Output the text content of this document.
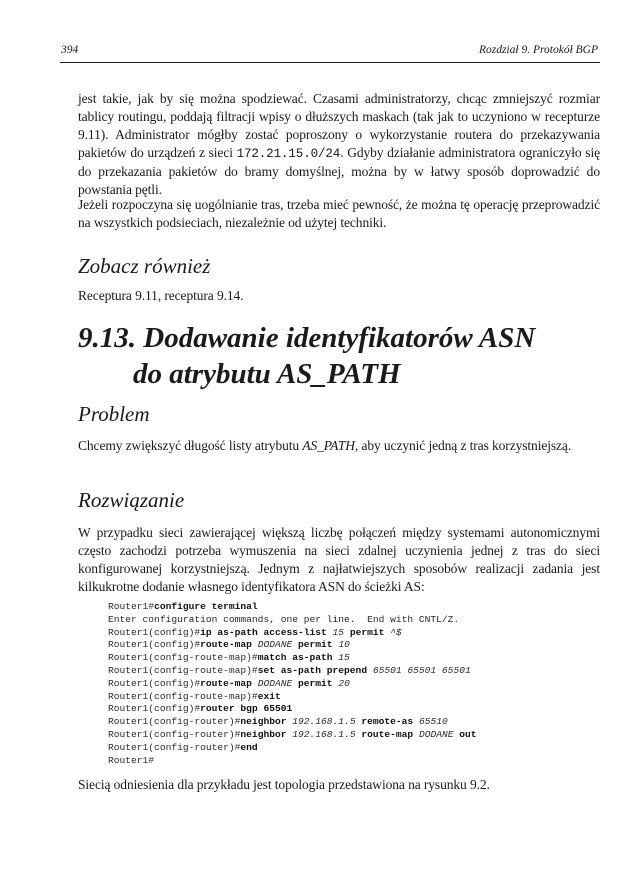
394	Rozdział 9. Protokół BGP
jest takie, jak by się można spodziewać. Czasami administratorzy, chcąc zmniejszyć rozmiar tablicy routingu, poddają filtracji wpisy o dłuższych maskach (tak jak to uczyniono w recepturze 9.11). Administrator mógłby zostać poproszony o wykorzystanie routera do przekazywania pakietów do urządzeń z sieci 172.21.15.0/24. Gdyby działanie administratora ograniczyło się do przekazania pakietów do bramy domyślnej, można by w łatwy sposób doprowadzić do powstania pętli.
Jeżeli rozpoczyna się uogólnianie tras, trzeba mieć pewność, że można tę operację przeprowadzić na wszystkich podsieciach, niezależnie od użytej techniki.
Zobacz również
Receptura 9.11, receptura 9.14.
9.13. Dodawanie identyfikatorów ASN
do atrybutu AS_PATH
Problem
Chcemy zwiększyć długość listy atrybutu AS_PATH, aby uczynić jedną z tras korzystniejszą.
Rozwiązanie
W przypadku sieci zawierającej większą liczbę połączeń między systemami autonomicznymi często zachodzi potrzeba wymuszenia na sieci zdalnej uczynienia jednej z tras do sieci konfigurowanej korzystniejszą. Jednym z najłatwiejszych sposobów realizacji zadania jest kilkukrotne dodanie własnego identyfikatora ASN do ścieżki AS:
Router1#configure terminal
Enter configuration commands, one per line.  End with CNTL/Z.
Router1(config)#ip as-path access-list 15 permit ^$
Router1(config)#route-map DODANE permit 10
Router1(config-route-map)#match as-path 15
Router1(config-route-map)#set as-path prepend 65501 65501 65501
Router1(config)#route-map DODANE permit 20
Router1(config-route-map)#exit
Router1(config)#router bgp 65501
Router1(config-router)#neighbor 192.168.1.5 remote-as 65510
Router1(config-router)#neighbor 192.168.1.5 route-map DODANE out
Router1(config-router)#end
Router1#
Siecią odniesienia dla przykładu jest topologia przedstawiona na rysunku 9.2.
